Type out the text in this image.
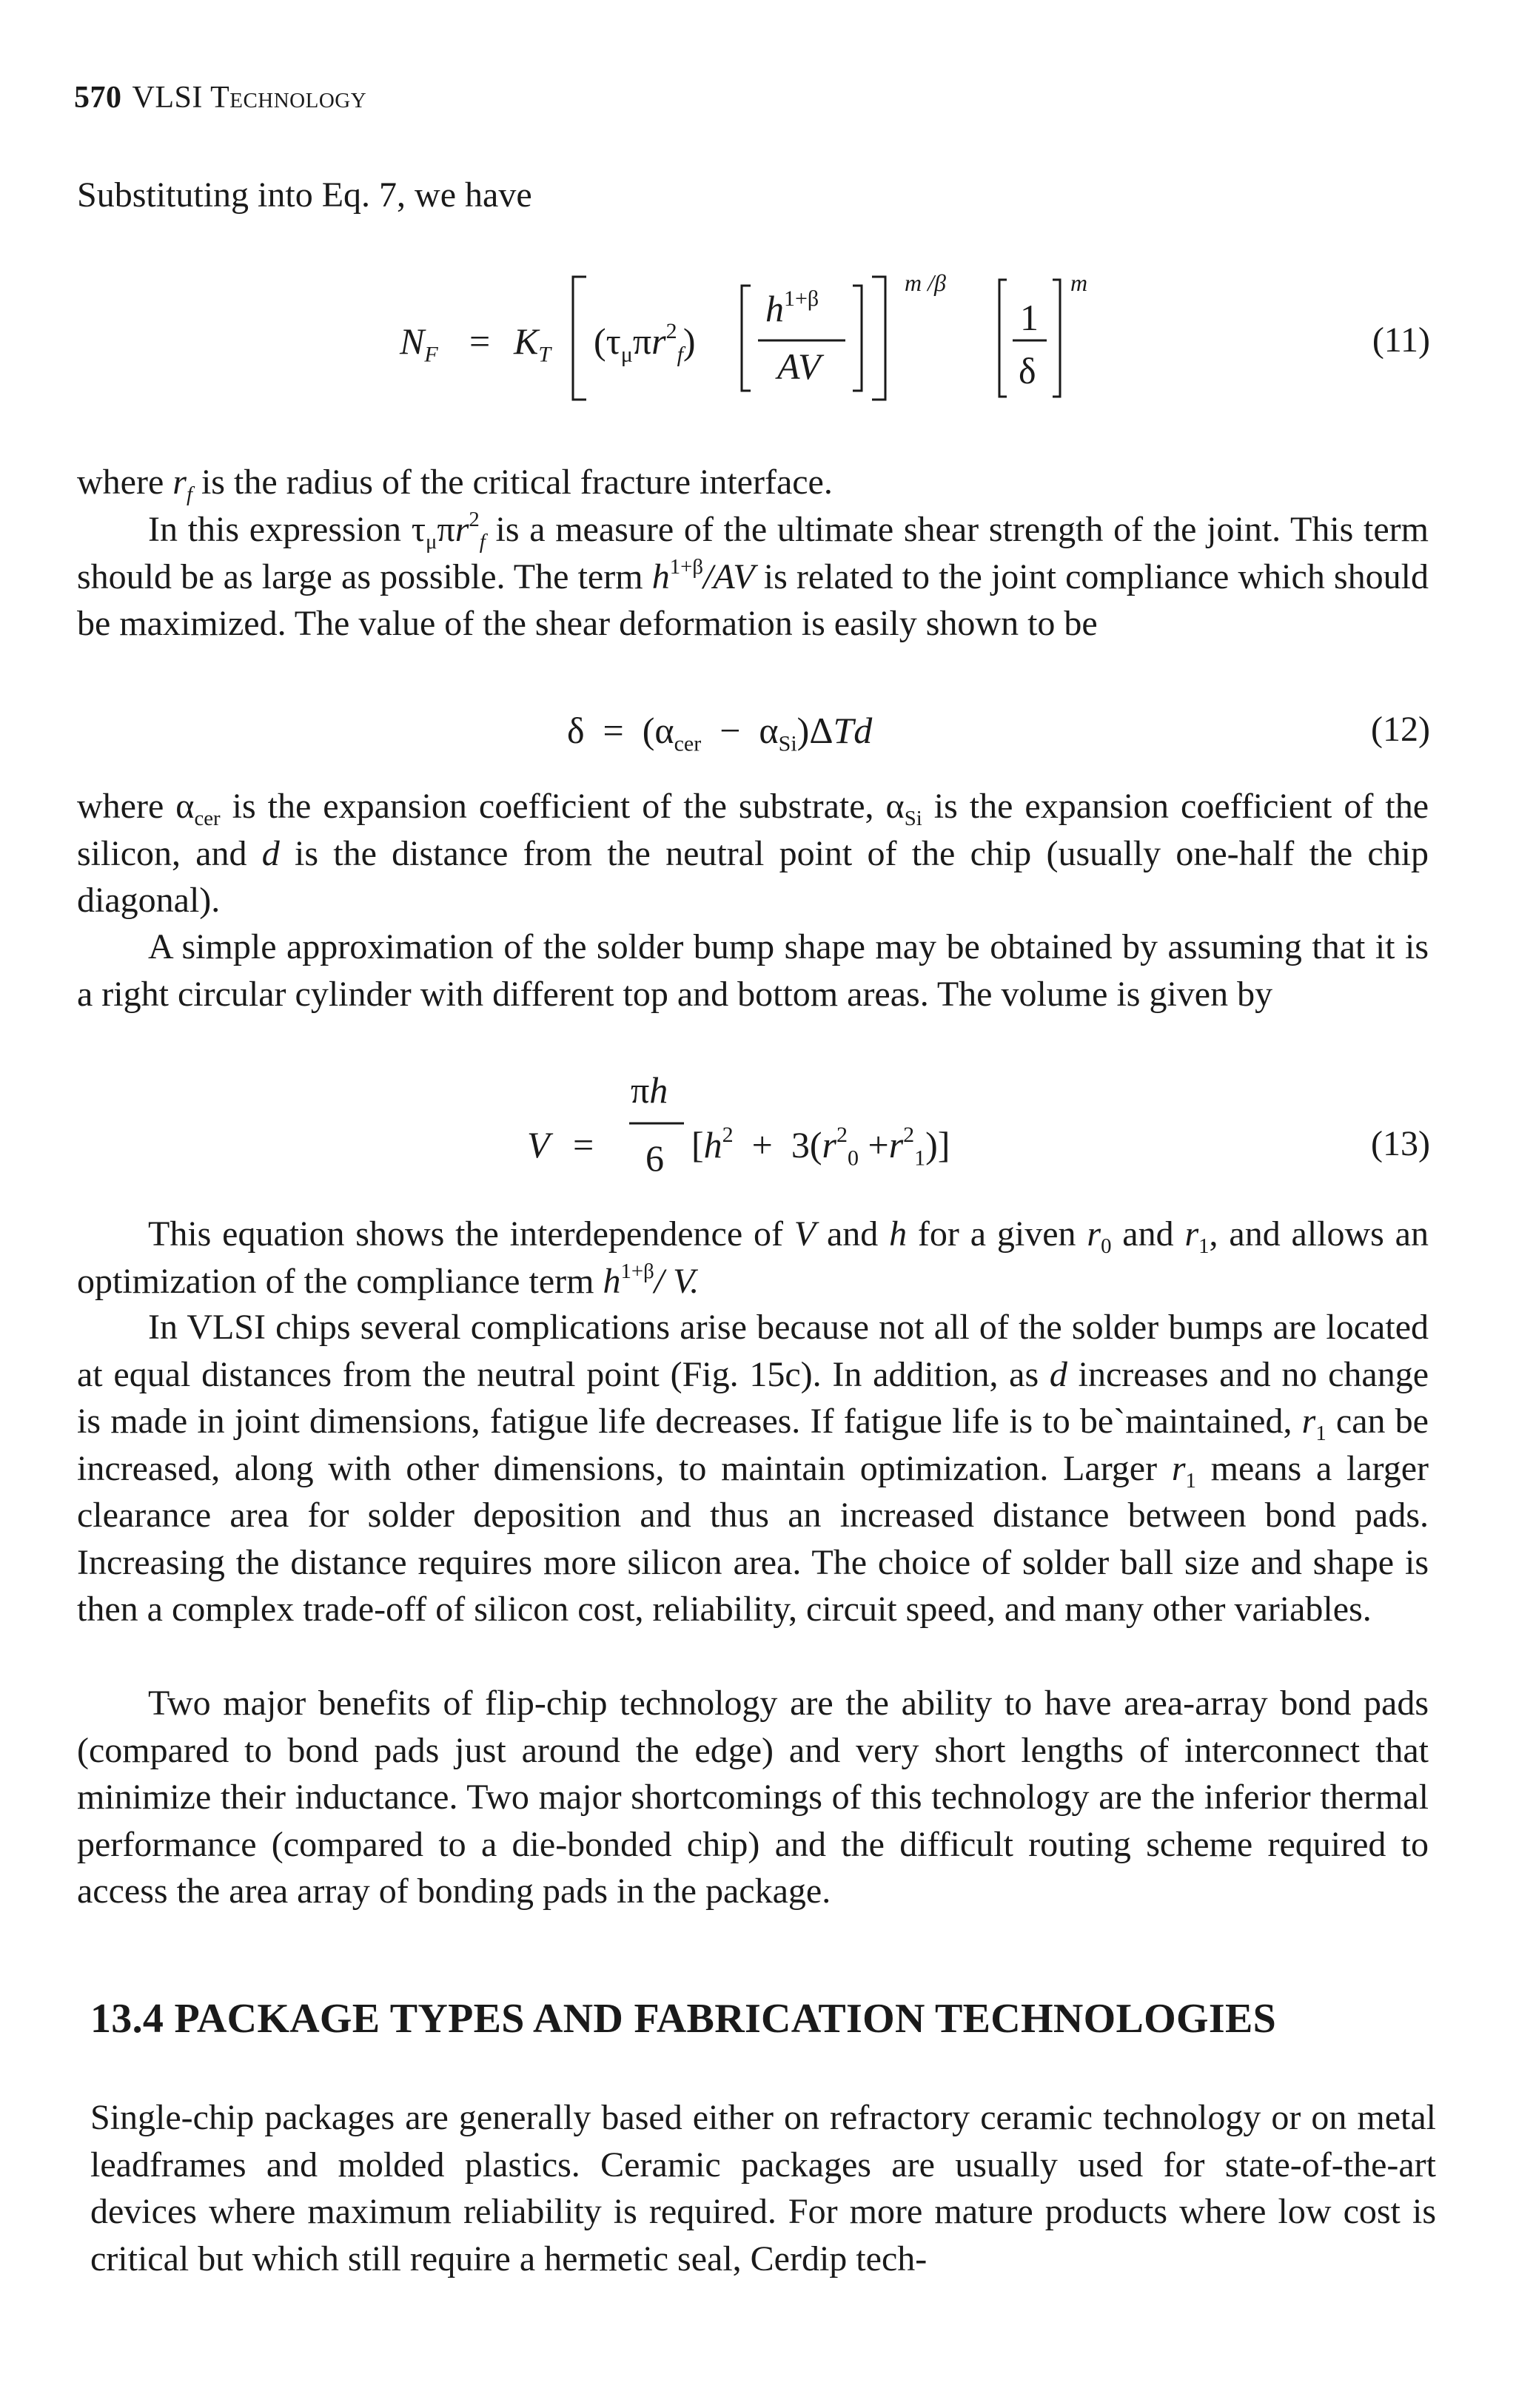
570 VLSI Technology
Substituting into Eq. 7, we have
$N_F = K_T$ $(\tau_\mu\pi r^2_f)$
$h^{1+\beta}$
AV
m /β
1
δ
m
(11)
where $r_f$ is the radius of the critical fracture interface.
In this expression $\tau_\mu\pi r^2_f$ is a measure of the ultimate shear strength of the joint. This term should be as large as possible. The term $h^{1+\beta}/AV$ is related to the joint compliance which should be maximized. The value of the shear deformation is easily shown to be
$\delta = (\alpha_{cer} - \alpha_{Si})\Delta Td$	(12)
where $\alpha_{cer}$ is the expansion coefficient of the substrate, $\alpha_{Si}$ is the expansion coefficient of the silicon, and d is the distance from the neutral point of the chip (usually one-half the chip diagonal).
A simple approximation of the solder bump shape may be obtained by assuming that it is a right circular cylinder with different top and bottom areas. The volume is given by
V =
πh
6 $[h^2 + 3(r^2_0 +r^2_1)]$	(13)
This equation shows the interdependence of V and h for a given $r_0$ and $r_1$, and allows an optimization of the compliance term $h^{1+\beta}/$ V.
In VLSI chips several complications arise because not all of the solder bumps are located at equal distances from the neutral point (Fig. 15c). In addition, as d increases and no change is made in joint dimensions, fatigue life decreases. If fatigue life is to be`maintained, $r_1$ can be increased, along with other dimensions, to maintain optimization. Larger $r_1$ means a larger clearance area for solder deposition and thus an increased distance between bond pads. Increasing the distance requires more silicon area. The choice of solder ball size and shape is then a complex trade-off of silicon cost, reliability, circuit speed, and many other variables.
Two major benefits of flip-chip technology are the ability to have area-array bond pads (compared to bond pads just around the edge) and very short lengths of interconnect that minimize their inductance. Two major shortcomings of this technology are the inferior thermal performance (compared to a die-bonded chip) and the difficult routing scheme required to access the area array of bonding pads in the package.
13.4 PACKAGE TYPES AND FABRICATION TECHNOLOGIES
Single-chip packages are generally based either on refractory ceramic technology or on metal leadframes and molded plastics. Ceramic packages are usually used for state-of-the-art devices where maximum reliability is required. For more mature products where low cost is critical but which still require a hermetic seal, Cerdip tech-
